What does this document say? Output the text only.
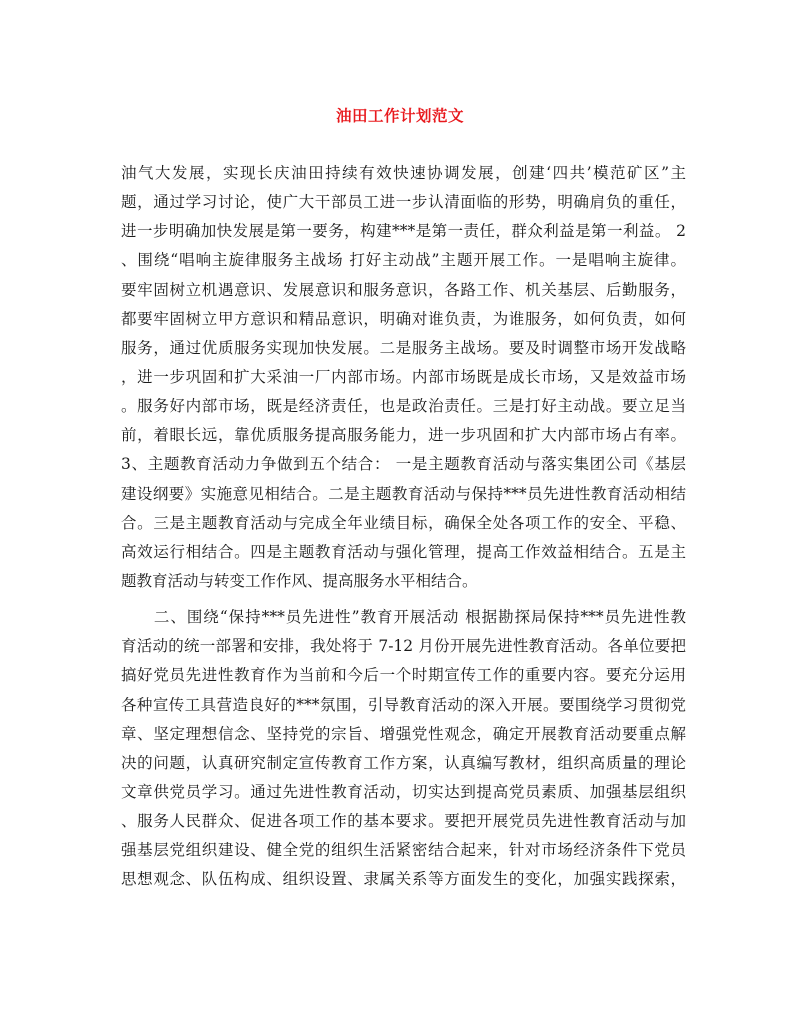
油田工作计划范文
油气大发展，实现长庆油田持续有效快速协调发展，创建‘四共’模范矿区”主
题，通过学习讨论，使广大干部员工进一步认清面临的形势，明确肩负的重任，
进一步明确加快发展是第一要务，构建***是第一责任，群众利益是第一利益。 2
、围绕“唱响主旋律服务主战场 打好主动战”主题开展工作。一是唱响主旋律。
要牢固树立机遇意识、发展意识和服务意识，各路工作、机关基层、后勤服务，
都要牢固树立甲方意识和精品意识，明确对谁负责，为谁服务，如何负责，如何
服务，通过优质服务实现加快发展。二是服务主战场。要及时调整市场开发战略
，进一步巩固和扩大采油一厂内部市场。内部市场既是成长市场，又是效益市场
。服务好内部市场，既是经济责任，也是政治责任。三是打好主动战。要立足当
前，着眼长远，靠优质服务提高服务能力，进一步巩固和扩大内部市场占有率。
3、主题教育活动力争做到五个结合： 一是主题教育活动与落实集团公司《基层
建设纲要》实施意见相结合。二是主题教育活动与保持***员先进性教育活动相结
合。三是主题教育活动与完成全年业绩目标，确保全处各项工作的安全、平稳、
高效运行相结合。四是主题教育活动与强化管理，提高工作效益相结合。五是主
题教育活动与转变工作作风、提高服务水平相结合。
　　二、围绕“保持***员先进性”教育开展活动 根据勘探局保持***员先进性教
育活动的统一部署和安排，我处将于 7-12 月份开展先进性教育活动。各单位要把
搞好党员先进性教育作为当前和今后一个时期宣传工作的重要内容。要充分运用
各种宣传工具营造良好的***氛围，引导教育活动的深入开展。要围绕学习贯彻党
章、坚定理想信念、坚持党的宗旨、增强党性观念，确定开展教育活动要重点解
决的问题，认真研究制定宣传教育工作方案，认真编写教材，组织高质量的理论
文章供党员学习。通过先进性教育活动，切实达到提高党员素质、加强基层组织
、服务人民群众、促进各项工作的基本要求。要把开展党员先进性教育活动与加
强基层党组织建设、健全党的组织生活紧密结合起来，针对市场经济条件下党员
思想观念、队伍构成、组织设置、隶属关系等方面发生的变化，加强实践探索，
